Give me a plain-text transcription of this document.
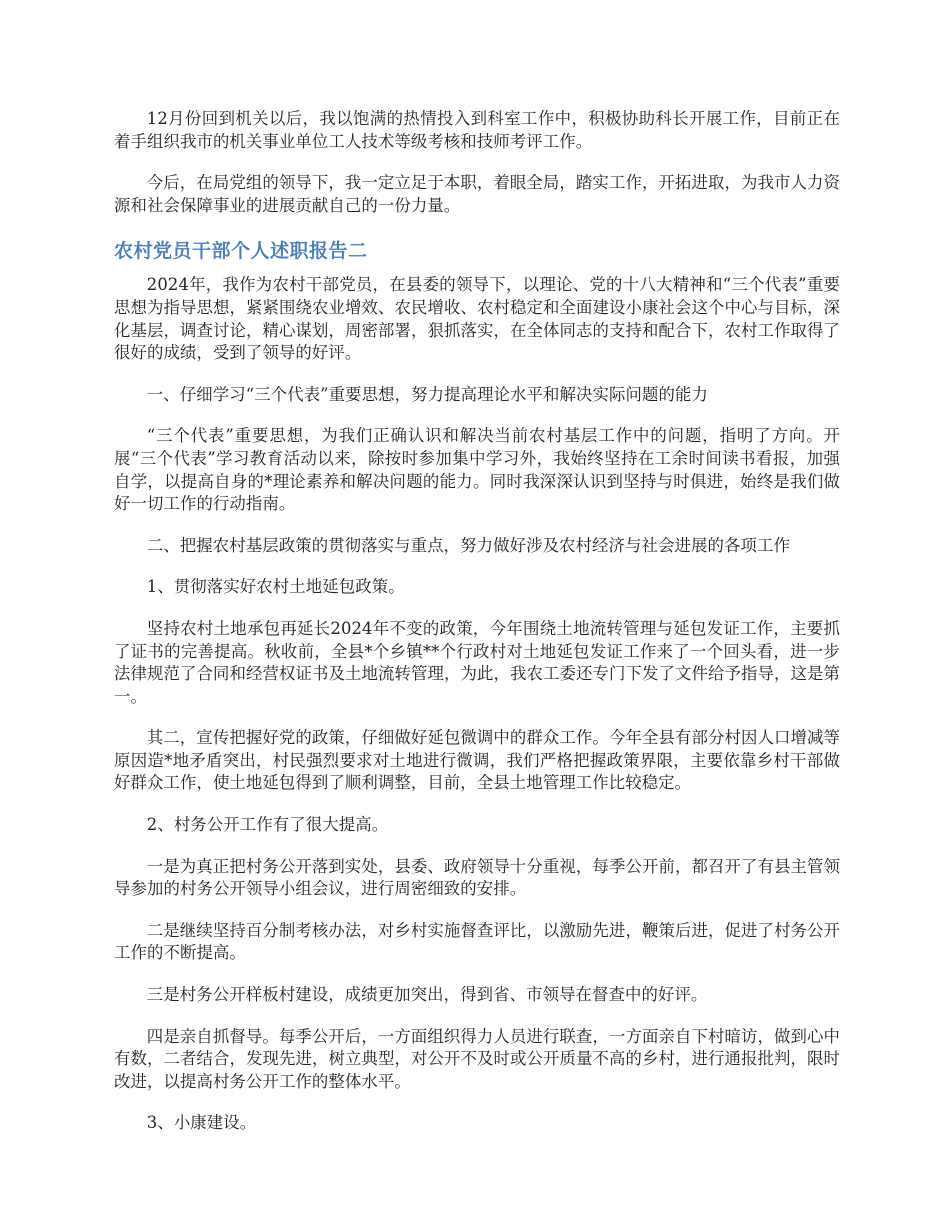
12月份回到机关以后，我以饱满的热情投入到科室工作中，积极协助科长开展工作，目前正在着手组织我市的机关事业单位工人技术等级考核和技师考评工作。

今后，在局党组的领导下，我一定立足于本职，着眼全局，踏实工作，开拓进取，为我市人力资源和社会保障事业的进展贡献自己的一份力量。

农村党员干部个人述职报告二

2024年，我作为农村干部党员，在县委的领导下，以理论、党的十八大精神和“三个代表”重要思想为指导思想，紧紧围绕农业增效、农民增收、农村稳定和全面建设小康社会这个中心与目标，深化基层，调查讨论，精心谋划，周密部署，狠抓落实，在全体同志的支持和配合下，农村工作取得了很好的成绩，受到了领导的好评。

一、仔细学习“三个代表”重要思想，努力提高理论水平和解决实际问题的能力

“三个代表”重要思想，为我们正确认识和解决当前农村基层工作中的问题，指明了方向。开展“三个代表”学习教育活动以来，除按时参加集中学习外，我始终坚持在工余时间读书看报，加强自学，以提高自身的*理论素养和解决问题的能力。同时我深深认识到坚持与时俱进，始终是我们做好一切工作的行动指南。

二、把握农村基层政策的贯彻落实与重点，努力做好涉及农村经济与社会进展的各项工作

1、贯彻落实好农村土地延包政策。

坚持农村土地承包再延长2024年不变的政策，今年围绕土地流转管理与延包发证工作，主要抓了证书的完善提高。秋收前，全县*个乡镇**个行政村对土地延包发证工作来了一个回头看，进一步法律规范了合同和经营权证书及土地流转管理，为此，我农工委还专门下发了文件给予指导，这是第一。

其二，宣传把握好党的政策，仔细做好延包微调中的群众工作。今年全县有部分村因人口增减等原因造*地矛盾突出，村民强烈要求对土地进行微调，我们严格把握政策界限，主要依靠乡村干部做好群众工作，使土地延包得到了顺利调整，目前，全县土地管理工作比较稳定。

2、村务公开工作有了很大提高。

一是为真正把村务公开落到实处，县委、政府领导十分重视，每季公开前，都召开了有县主管领导参加的村务公开领导小组会议，进行周密细致的安排。

二是继续坚持百分制考核办法，对乡村实施督查评比，以激励先进，鞭策后进，促进了村务公开工作的不断提高。

三是村务公开样板村建设，成绩更加突出，得到省、市领导在督查中的好评。

四是亲自抓督导。每季公开后，一方面组织得力人员进行联查，一方面亲自下村暗访，做到心中有数，二者结合，发现先进，树立典型，对公开不及时或公开质量不高的乡村，进行通报批判，限时改进，以提高村务公开工作的整体水平。

3、小康建设。
